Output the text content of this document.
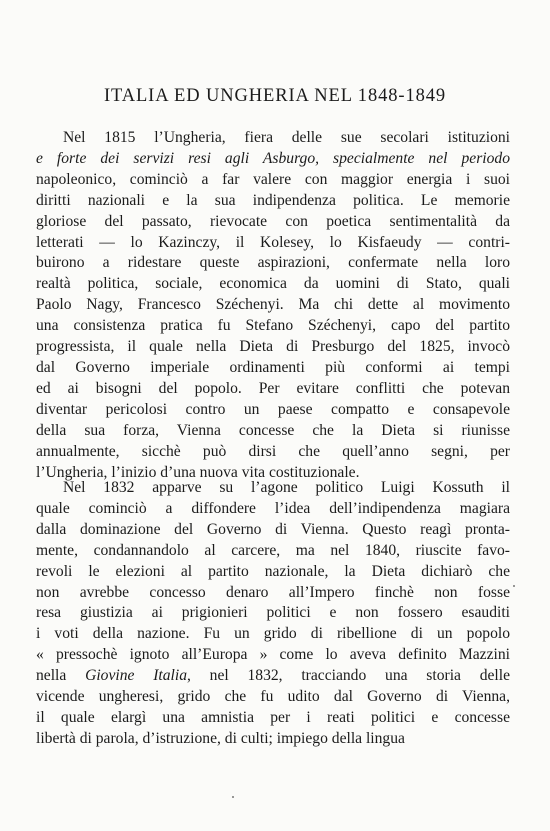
ITALIA ED UNGHERIA NEL 1848-1849
Nel 1815 l’Ungheria, fiera delle sue secolari istituzioni
e forte dei servizi resi agli Asburgo, specialmente nel periodo
napoleonico, cominciò a far valere con maggior energia i suoi
diritti nazionali e la sua indipendenza politica. Le memorie
gloriose del passato, rievocate con poetica sentimentalità da
letterati — lo Kazinczy, il Kolesey, lo Kisfaeudy — contri-
buirono a ridestare queste aspirazioni, confermate nella loro
realtà politica, sociale, economica da uomini di Stato, quali
Paolo Nagy, Francesco Széchenyi. Ma chi dette al movimento
una consistenza pratica fu Stefano Széchenyi, capo del partito
progressista, il quale nella Dieta di Presburgo del 1825, invocò
dal Governo imperiale ordinamenti più conformi ai tempi
ed ai bisogni del popolo. Per evitare conflitti che potevan
diventar pericolosi contro un paese compatto e consapevole
della sua forza, Vienna concesse che la Dieta si riunisse
annualmente, sicchè può dirsi che quell’anno segni, per
l’Ungheria, l’inizio d’una nuova vita costituzionale.
Nel 1832 apparve su l’agone politico Luigi Kossuth il
quale cominciò a diffondere l’idea dell’indipendenza magiara
dalla dominazione del Governo di Vienna. Questo reagì pronta-
mente, condannandolo al carcere, ma nel 1840, riuscite favo-
revoli le elezioni al partito nazionale, la Dieta dichiarò che
non avrebbe concesso denaro all’Impero finchè non fosse
resa giustizia ai prigionieri politici e non fossero esauditi
i voti della nazione. Fu un grido di ribellione di un popolo
« pressochè ignoto all’Europa » come lo aveva definito Mazzini
nella Giovine Italia, nel 1832, tracciando una storia delle
vicende ungheresi, grido che fu udito dal Governo di Vienna,
il quale elargì una amnistia per i reati politici e concesse
libertà di parola, d’istruzione, di culti; impiego della lingua
